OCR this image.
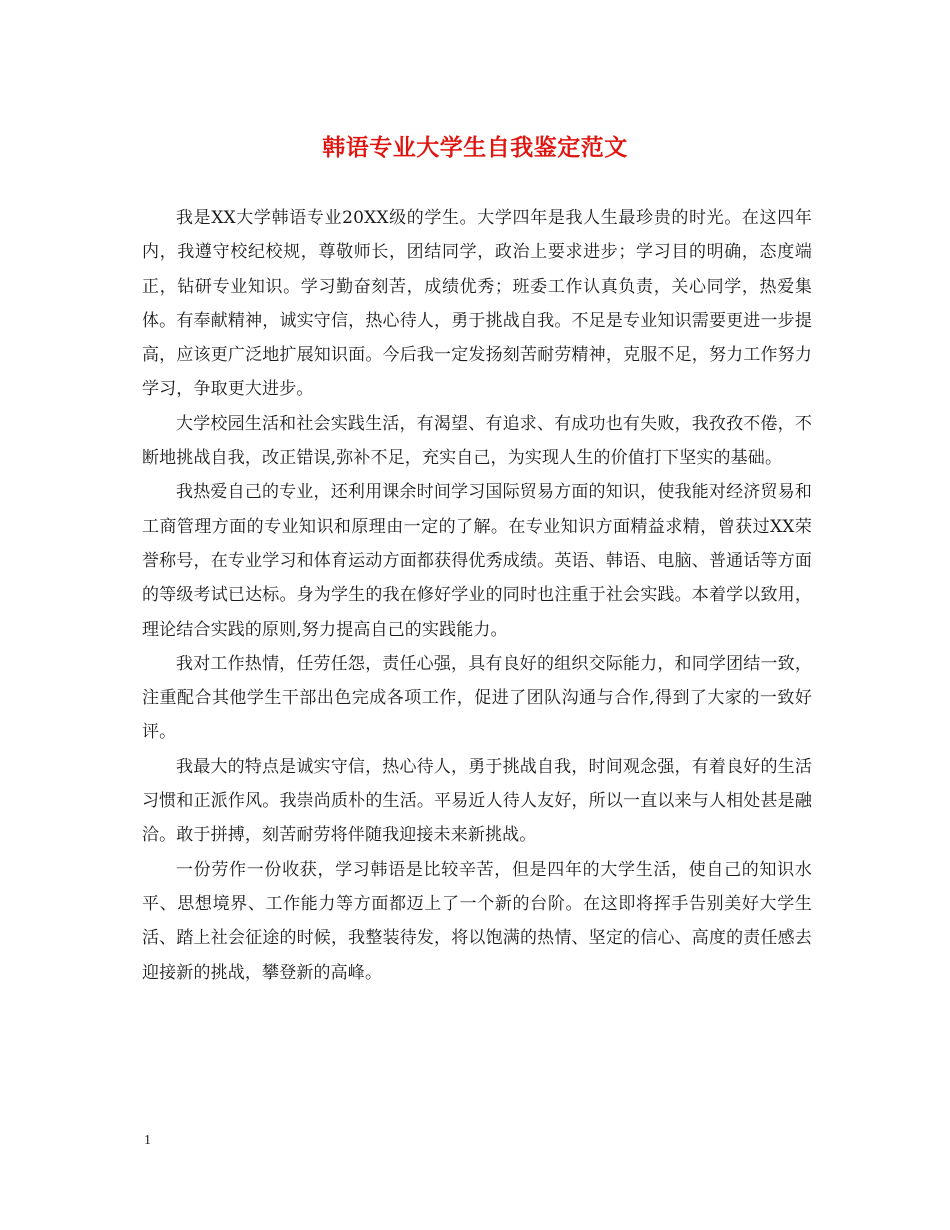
韩语专业大学生自我鉴定范文

我是XX大学韩语专业20XX级的学生。大学四年是我人生最珍贵的时光。在这四年内，我遵守校纪校规，尊敬师长，团结同学，政治上要求进步；学习目的明确，态度端正，钻研专业知识。学习勤奋刻苦，成绩优秀；班委工作认真负责，关心同学，热爱集体。有奉献精神，诚实守信，热心待人，勇于挑战自我。不足是专业知识需要更进一步提高，应该更广泛地扩展知识面。今后我一定发扬刻苦耐劳精神，克服不足，努力工作努力学习，争取更大进步。

大学校园生活和社会实践生活，有渴望、有追求、有成功也有失败，我孜孜不倦，不断地挑战自我，改正错误,弥补不足，充实自己，为实现人生的价值打下坚实的基础。

我热爱自己的专业，还利用课余时间学习国际贸易方面的知识，使我能对经济贸易和工商管理方面的专业知识和原理由一定的了解。在专业知识方面精益求精，曾获过XX荣誉称号，在专业学习和体育运动方面都获得优秀成绩。英语、韩语、电脑、普通话等方面的等级考试已达标。身为学生的我在修好学业的同时也注重于社会实践。本着学以致用，理论结合实践的原则,努力提高自己的实践能力。

我对工作热情，任劳任怨，责任心强，具有良好的组织交际能力，和同学团结一致，注重配合其他学生干部出色完成各项工作，促进了团队沟通与合作,得到了大家的一致好评。

我最大的特点是诚实守信，热心待人，勇于挑战自我，时间观念强，有着良好的生活习惯和正派作风。我崇尚质朴的生活。平易近人待人友好，所以一直以来与人相处甚是融洽。敢于拼搏，刻苦耐劳将伴随我迎接未来新挑战。

一份劳作一份收获，学习韩语是比较辛苦，但是四年的大学生活，使自己的知识水平、思想境界、工作能力等方面都迈上了一个新的台阶。在这即将挥手告别美好大学生活、踏上社会征途的时候，我整装待发，将以饱满的热情、坚定的信心、高度的责任感去迎接新的挑战，攀登新的高峰。

1
